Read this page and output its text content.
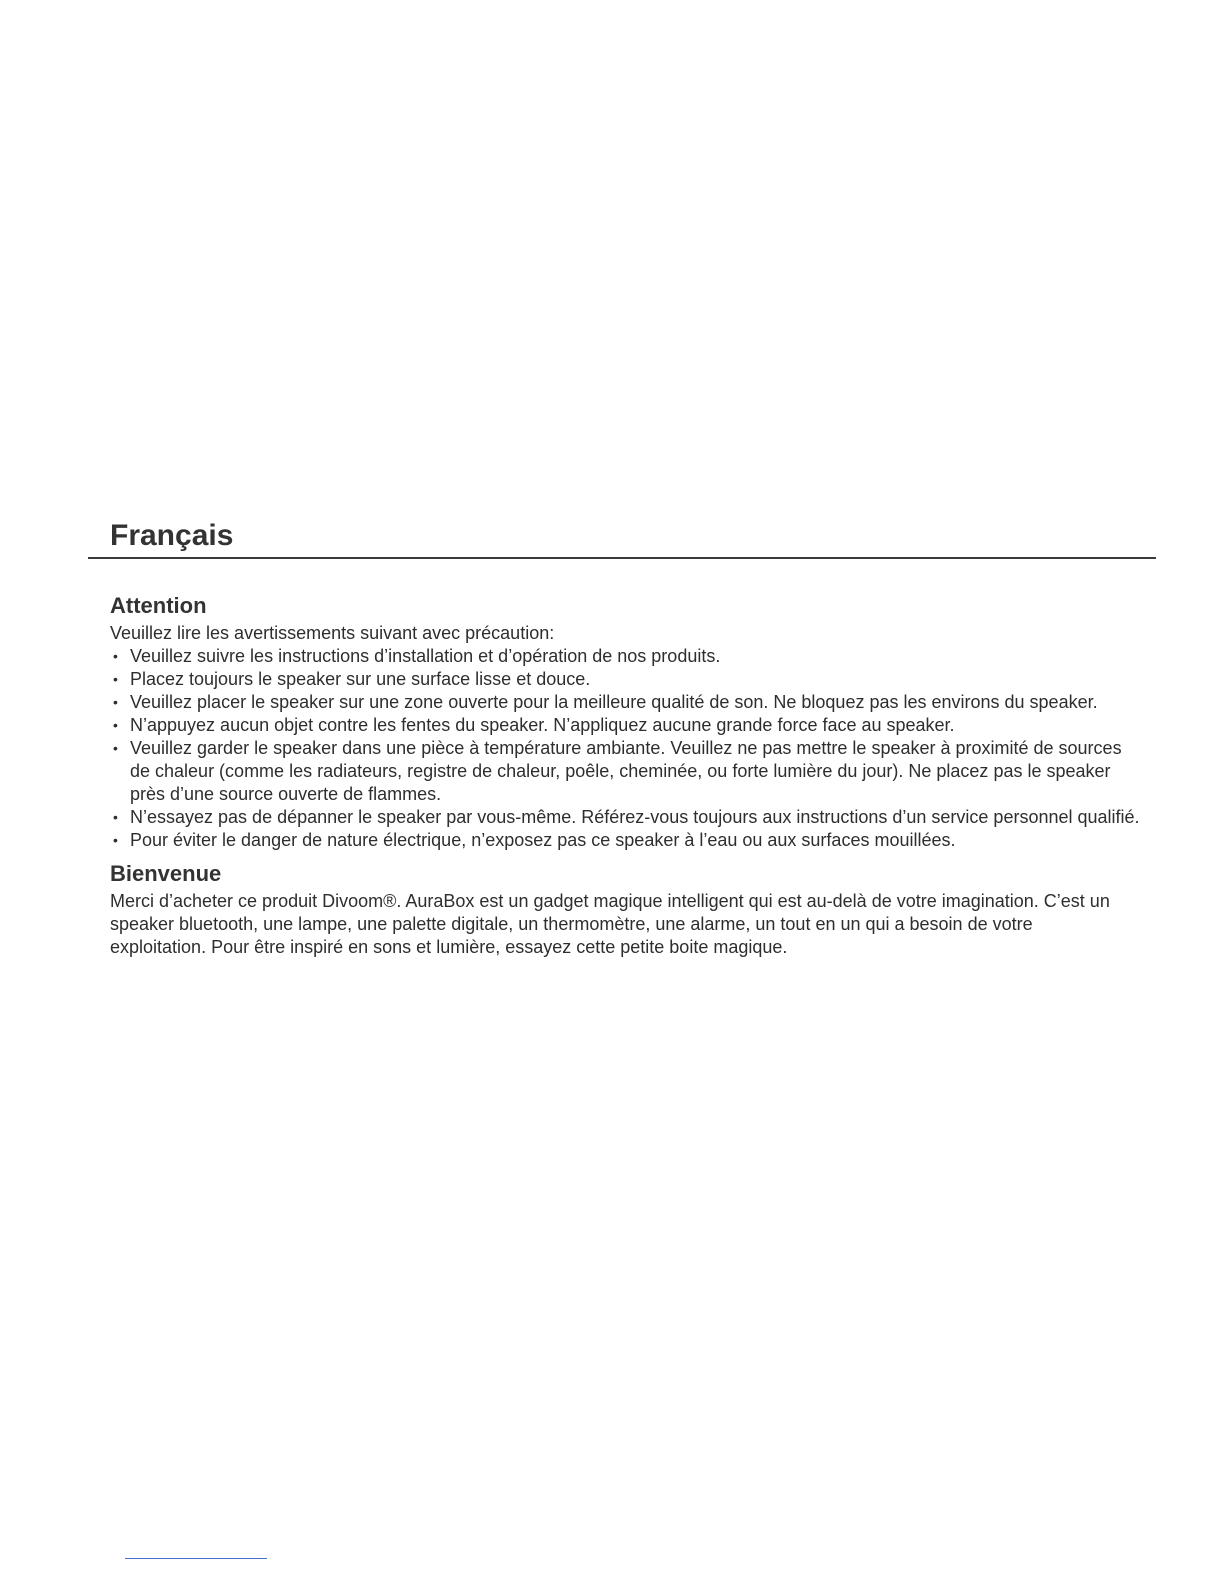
Français
Attention

Veuillez lire les avertissements suivant avec précaution:

• Veuillez suivre les instructions d’installation et d’opération de nos produits.
• Placez toujours le speaker sur une surface lisse et douce.
• Veuillez placer le speaker sur une zone ouverte pour la meilleure qualité de son. Ne bloquez pas les environs du speaker.
• N’appuyez aucun objet contre les fentes du speaker. N’appliquez aucune grande force face au speaker.
• Veuillez garder le speaker dans une pièce à température ambiante. Veuillez ne pas mettre le speaker à proximité de sources de chaleur (comme les radiateurs, registre de chaleur, poêle, cheminée, ou forte lumière du jour). Ne placez pas le speaker près d’une source ouverte de flammes.
• N’essayez pas de dépanner le speaker par vous-même. Référez-vous toujours aux instructions d’un service personnel qualifié.
• Pour éviter le danger de nature électrique, n’exposez pas ce speaker à l’eau ou aux surfaces mouillées.
Bienvenue

Merci d’acheter ce produit Divoom®. AuraBox est un gadget magique intelligent qui est au-delà de votre imagination. C’est un speaker bluetooth, une lampe, une palette digitale, un thermomètre, une alarme, un tout en un qui a besoin de votre exploitation. Pour être inspiré en sons et lumière, essayez cette petite boite magique.
